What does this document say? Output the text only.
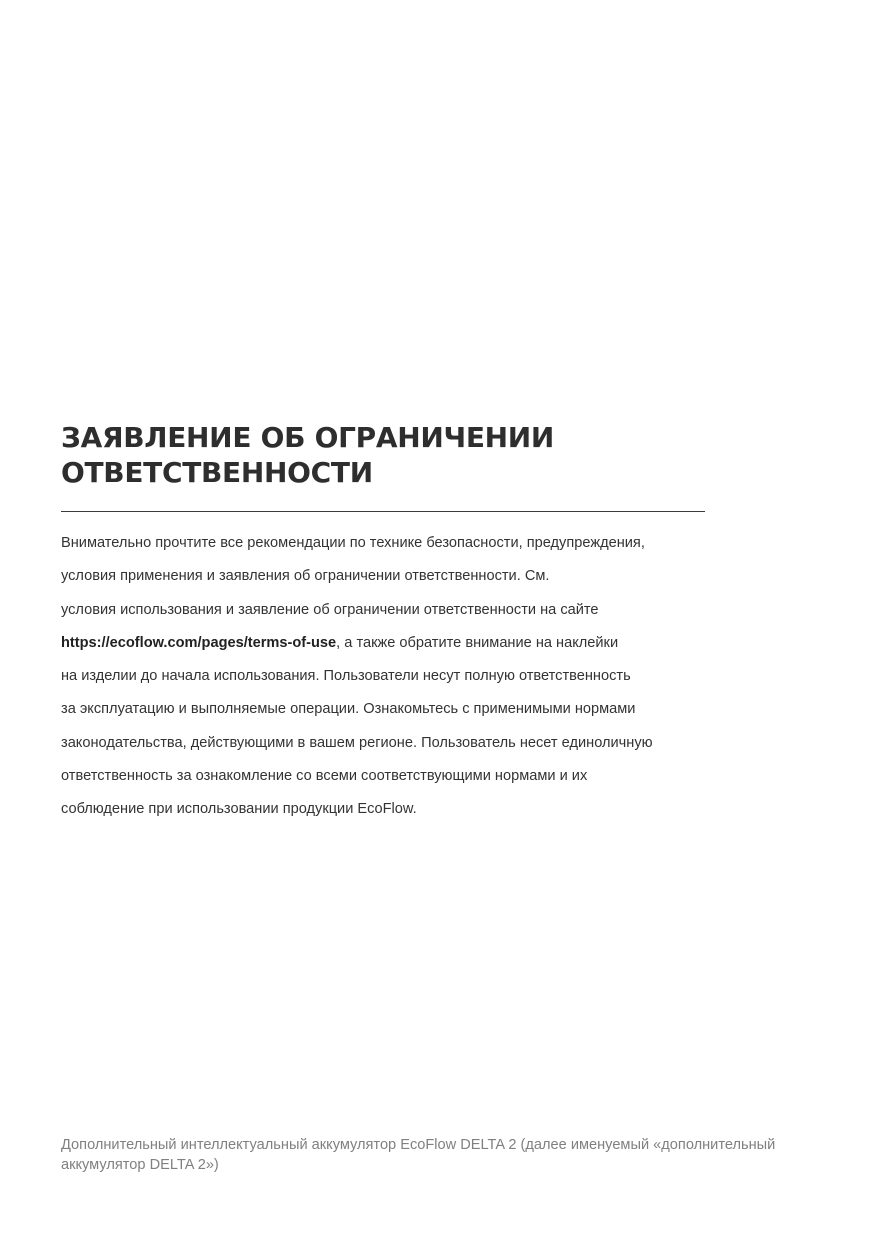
ЗАЯВЛЕНИЕ ОБ ОГРАНИЧЕНИИ
ОТВЕТСТВЕННОСТИ
Внимательно прочтите все рекомендации по технике безопасности, предупреждения,
условия применения и заявления об ограничении ответственности. См.
условия использования и заявление об ограничении ответственности на сайте
https://ecoflow.com/pages/terms-of-use, а также обратите внимание на наклейки
на изделии до начала использования. Пользователи несут полную ответственность
за эксплуатацию и выполняемые операции. Ознакомьтесь с применимыми нормами
законодательства, действующими в вашем регионе. Пользователь несет единоличную
ответственность за ознакомление со всеми соответствующими нормами и их
соблюдение при использовании продукции EcoFlow.
Дополнительный интеллектуальный аккумулятор EcoFlow DELTA 2 (далее именуемый «дополнительный
аккумулятор DELTA 2»)
